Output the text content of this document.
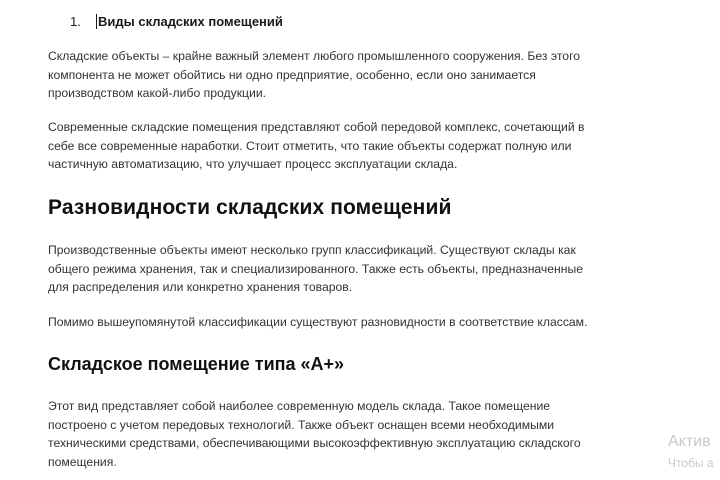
1. Виды складских помещений
Складские объекты – крайне важный элемент любого промышленного сооружения. Без этого
компонента не может обойтись ни одно предприятие, особенно, если оно занимается
производством какой-либо продукции.
Современные складские помещения представляют собой передовой комплекс, сочетающий в
себе все современные наработки. Стоит отметить, что такие объекты содержат полную или
частичную автоматизацию, что улучшает процесс эксплуатации склада.
Разновидности складских помещений
Производственные объекты имеют несколько групп классификаций. Существуют склады как
общего режима хранения, так и специализированного. Также есть объекты, предназначенные
для распределения или конкретно хранения товаров.
Помимо вышеупомянутой классификации существуют разновидности в соответствие классам.
Складское помещение типа «А+»
Этот вид представляет собой наиболее современную модель склада. Такое помещение
построено с учетом передовых технологий. Также объект оснащен всеми необходимыми
техническими средствами, обеспечивающими высокоэффективную эксплуатацию складского
помещения.
Актив
Чтобы а
